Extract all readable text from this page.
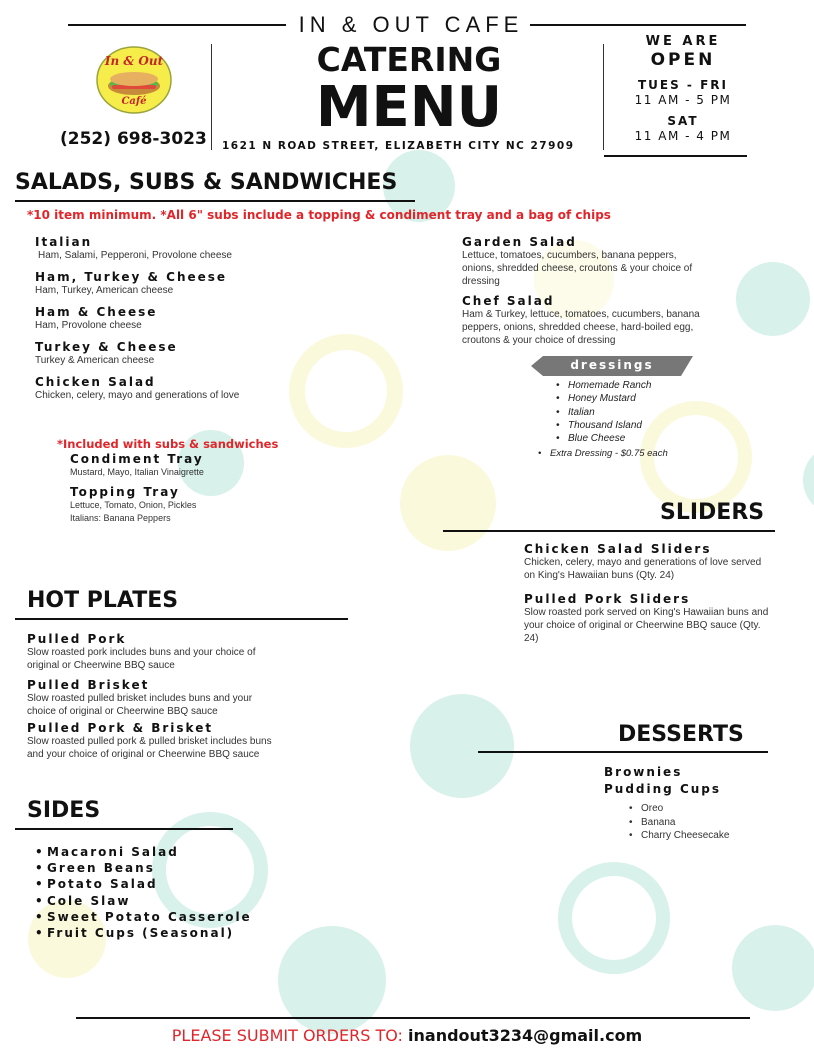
IN & OUT CAFE
In & Out
Café
(252) 698-3023
CATERING
MENU
1621 N ROAD STREET, ELIZABETH CITY NC 27909
WE ARE
OPEN
TUES - FRI
11 AM - 5 PM
SAT
11 AM - 4 PM
SALADS, SUBS & SANDWICHES
*10 item minimum. *All 6" subs include a topping & condiment tray and a bag of chips
Italian
Ham, Salami, Pepperoni, Provolone cheese
Ham, Turkey & Cheese
Ham, Turkey, American cheese
Ham & Cheese
Ham, Provolone cheese
Turkey & Cheese
Turkey & American cheese
Chicken Salad
Chicken, celery, mayo and generations of love
Garden Salad
Lettuce, tomatoes, cucumbers, banana peppers, onions, shredded cheese, croutons & your choice of dressing
Chef Salad
Ham & Turkey, lettuce, tomatoes, cucumbers, banana peppers, onions, shredded cheese, hard-boiled egg, croutons & your choice of dressing
dressings
• Homemade Ranch
• Honey Mustard
• Italian
• Thousand Island
• Blue Cheese
• Extra Dressing - $0.75 each
*Included with subs & sandwiches
Condiment Tray
Mustard, Mayo, Italian Vinaigrette
Topping Tray
Lettuce, Tomato, Onion, Pickles
Italians: Banana Peppers	SLIDERS
Chicken Salad Sliders
Chicken, celery, mayo and generations of love served on King's Hawaiian buns (Qty. 24)
Pulled Pork Sliders
Slow roasted pork served on King's Hawaiian buns and your choice of original or Cheerwine BBQ sauce (Qty. 24)
HOT PLATES
Pulled Pork
Slow roasted pork includes buns and your choice of original or Cheerwine BBQ sauce
Pulled Brisket
Slow roasted pulled brisket includes buns and your choice of original or Cheerwine BBQ sauce
Pulled Pork & Brisket
Slow roasted pulled pork & pulled brisket includes buns and your choice of original or Cheerwine BBQ sauce
DESSERTS
Brownies
Pudding Cups
• Oreo
• Banana
• Charry Cheesecake
SIDES
• Macaroni Salad
• Green Beans
• Potato Salad
• Cole Slaw
• Sweet Potato Casserole
• Fruit Cups (Seasonal)
PLEASE SUBMIT ORDERS TO: inandout3234@gmail.com
